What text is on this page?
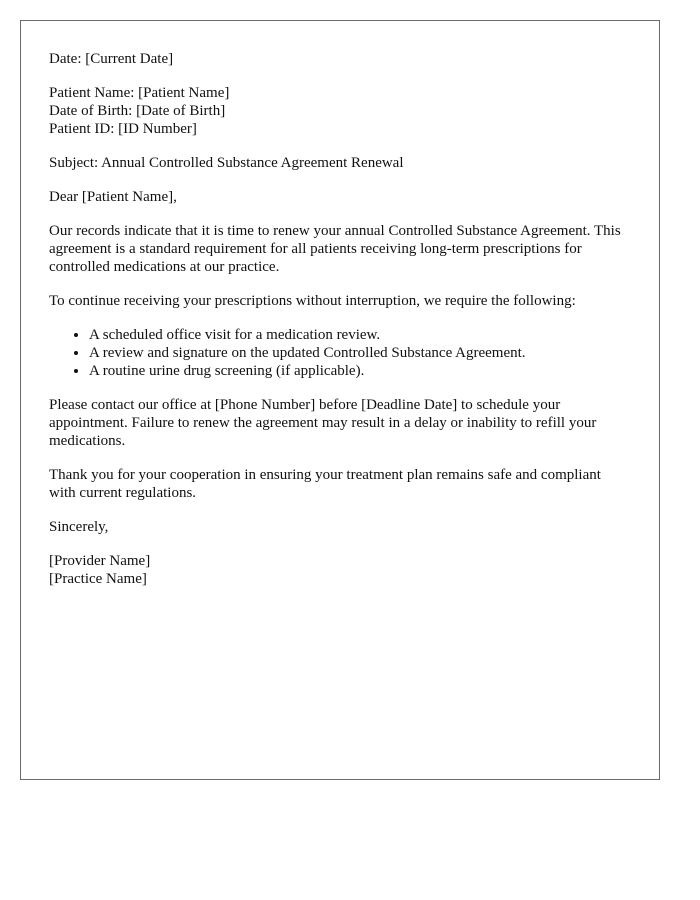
Date: [Current Date]

Patient Name: [Patient Name]
Date of Birth: [Date of Birth]
Patient ID: [ID Number]

Subject: Annual Controlled Substance Agreement Renewal

Dear [Patient Name],

Our records indicate that it is time to renew your annual Controlled Substance Agreement. This agreement is a standard requirement for all patients receiving long-term prescriptions for controlled medications at our practice.

To continue receiving your prescriptions without interruption, we require the following:

• A scheduled office visit for a medication review.
• A review and signature on the updated Controlled Substance Agreement.
• A routine urine drug screening (if applicable).

Please contact our office at [Phone Number] before [Deadline Date] to schedule your appointment. Failure to renew the agreement may result in a delay or inability to refill your medications.

Thank you for your cooperation in ensuring your treatment plan remains safe and compliant with current regulations.

Sincerely,

[Provider Name]
[Practice Name]
